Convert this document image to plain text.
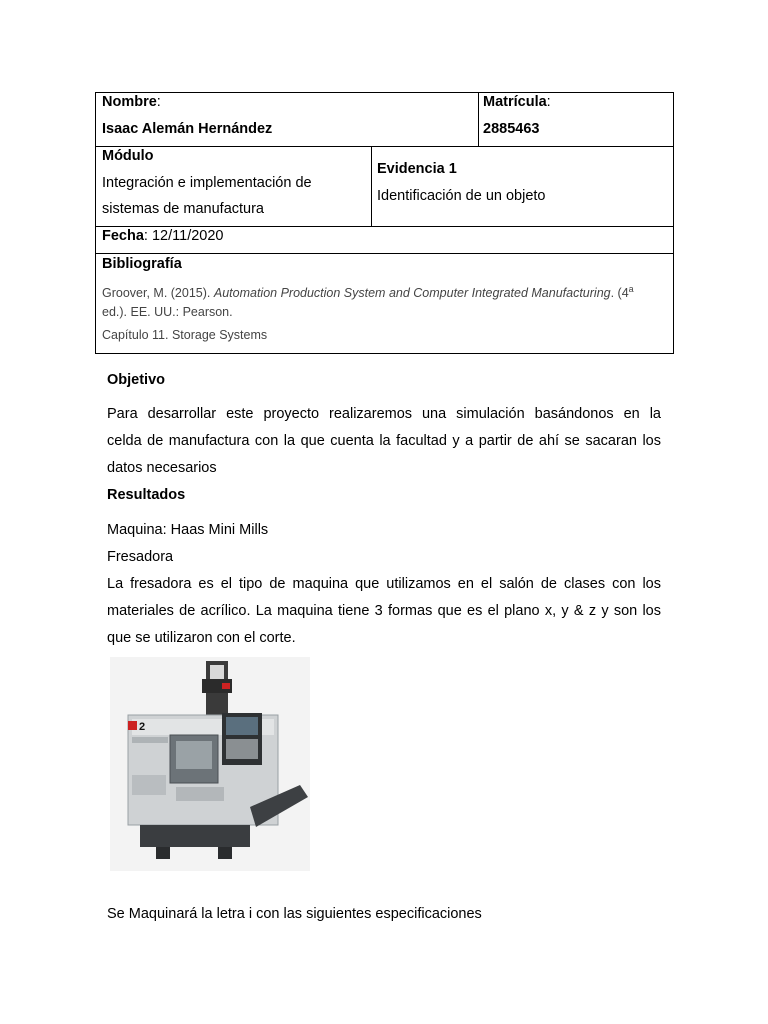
Nombre:
Isaac Alemán Hernández
Matrícula:
2885463
Módulo
Integración e implementación de
sistemas de manufactura
Evidencia 1
Identificación de un objeto
Fecha: 12/11/2020
Bibliografía
Groover, M. (2015). Automation Production System and Computer Integrated Manufacturing. (4$^a$
ed.). EE. UU.: Pearson.
Capítulo 11. Storage Systems
Objetivo
Para desarrollar este proyecto realizaremos una simulación basándonos en la
celda de manufactura con la que cuenta la facultad y a partir de ahí se sacaran los
datos necesarios
Resultados
Maquina: Haas Mini Mills
Fresadora
La fresadora es el tipo de maquina que utilizamos en el salón de clases con los
materiales de acrílico. La maquina tiene 3 formas que es el plano x, y & z y son los
que se utilizaron con el corte.
2
Se Maquinará la letra i con las siguientes especificaciones
